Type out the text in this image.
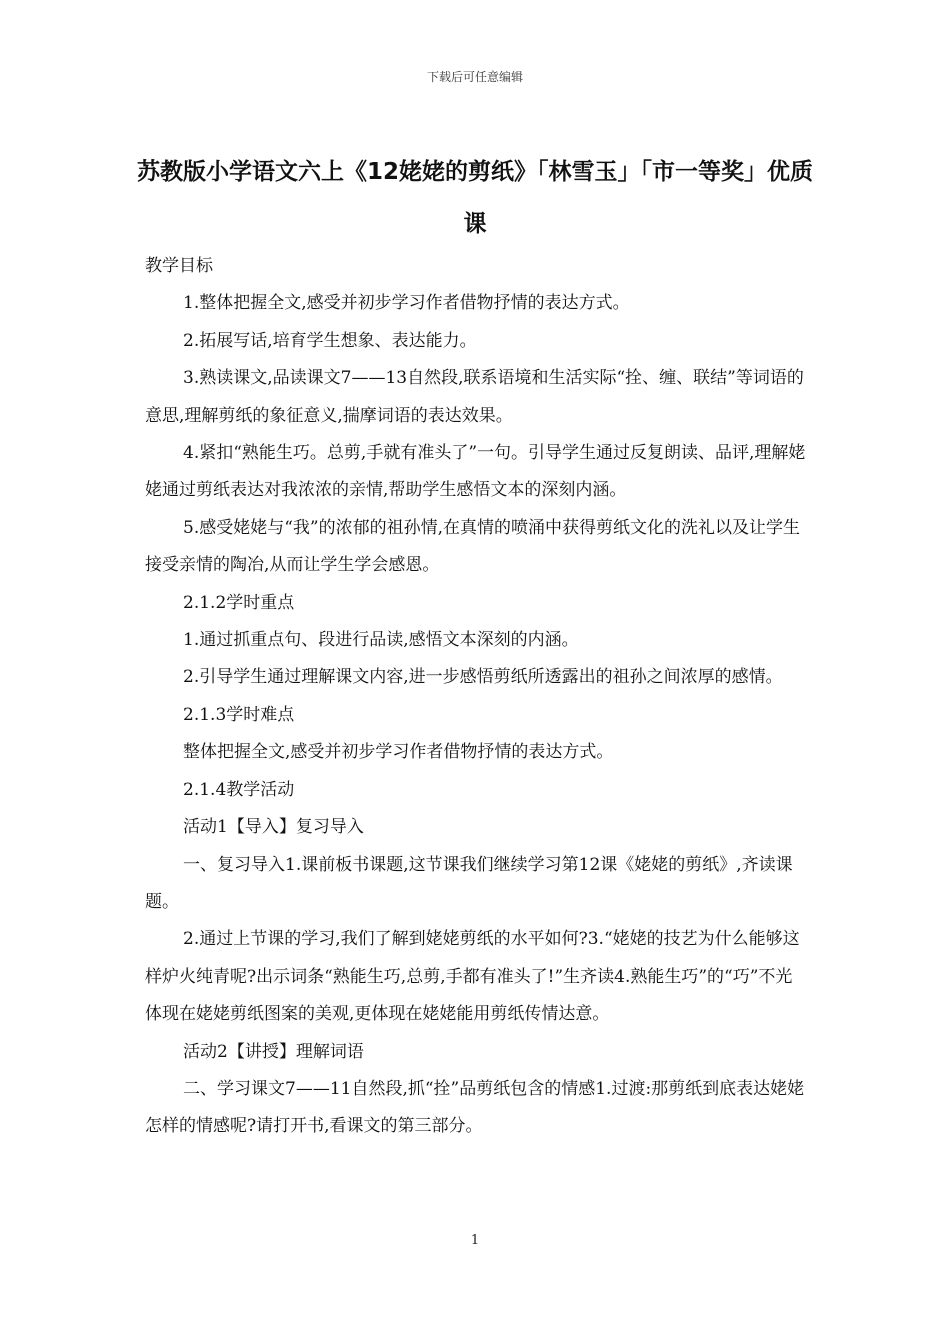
下载后可任意编辑
苏教版小学语文六上《12姥姥的剪纸》「林雪玉」「市一等奖」优质课

教学目标

1.整体把握全文,感受并初步学习作者借物抒情的表达方式。

2.拓展写话,培育学生想象、表达能力。

3.熟读课文,品读课文7——13自然段,联系语境和生活实际“拴、缠、联结”等词语的意思,理解剪纸的象征意义,揣摩词语的表达效果。

4.紧扣“熟能生巧。总剪,手就有准头了”一句。引导学生通过反复朗读、品评,理解姥姥通过剪纸表达对我浓浓的亲情,帮助学生感悟文本的深刻内涵。

5.感受姥姥与“我”的浓郁的祖孙情,在真情的喷涌中获得剪纸文化的洗礼以及让学生接受亲情的陶冶,从而让学生学会感恩。

2.1.2学时重点

1.通过抓重点句、段进行品读,感悟文本深刻的内涵。

2.引导学生通过理解课文内容,进一步感悟剪纸所透露出的祖孙之间浓厚的感情。

2.1.3学时难点

整体把握全文,感受并初步学习作者借物抒情的表达方式。

2.1.4教学活动

活动1【导入】复习导入

一、复习导入1.课前板书课题,这节课我们继续学习第12课《姥姥的剪纸》,齐读课题。

2.通过上节课的学习,我们了解到姥姥剪纸的水平如何?3.“姥姥的技艺为什么能够这样炉火纯青呢?出示词条“熟能生巧,总剪,手都有准头了!”生齐读4.熟能生巧”的“巧”不光体现在姥姥剪纸图案的美观,更体现在姥姥能用剪纸传情达意。

活动2【讲授】理解词语

二、学习课文7——11自然段,抓“拴”品剪纸包含的情感1.过渡:那剪纸到底表达姥姥怎样的情感呢?请打开书,看课文的第三部分。

1
